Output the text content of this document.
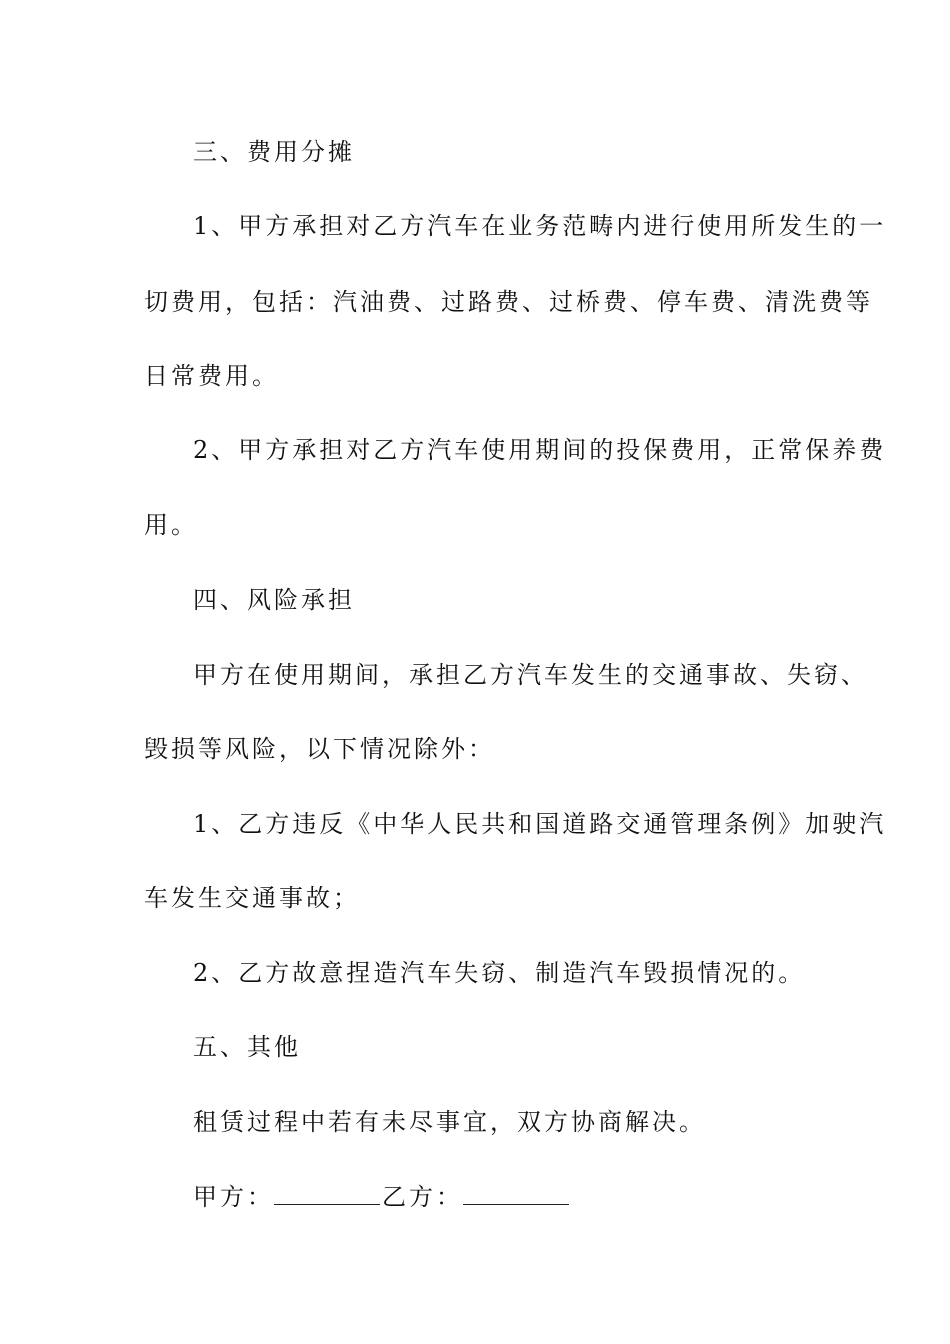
三、费用分摊
1、甲方承担对乙方汽车在业务范畴内进行使用所发生的一
切费用，包括：汽油费、过路费、过桥费、停车费、清洗费等
日常费用。
2、甲方承担对乙方汽车使用期间的投保费用，正常保养费
用。
四、风险承担
甲方在使用期间，承担乙方汽车发生的交通事故、失窃、
毁损等风险，以下情况除外：
1、乙方违反《中华人民共和国道路交通管理条例》加驶汽
车发生交通事故；
2、乙方故意捏造汽车失窃、制造汽车毁损情况的。
五、其他
租赁过程中若有未尽事宜，双方协商解决。
甲方：	乙方：
